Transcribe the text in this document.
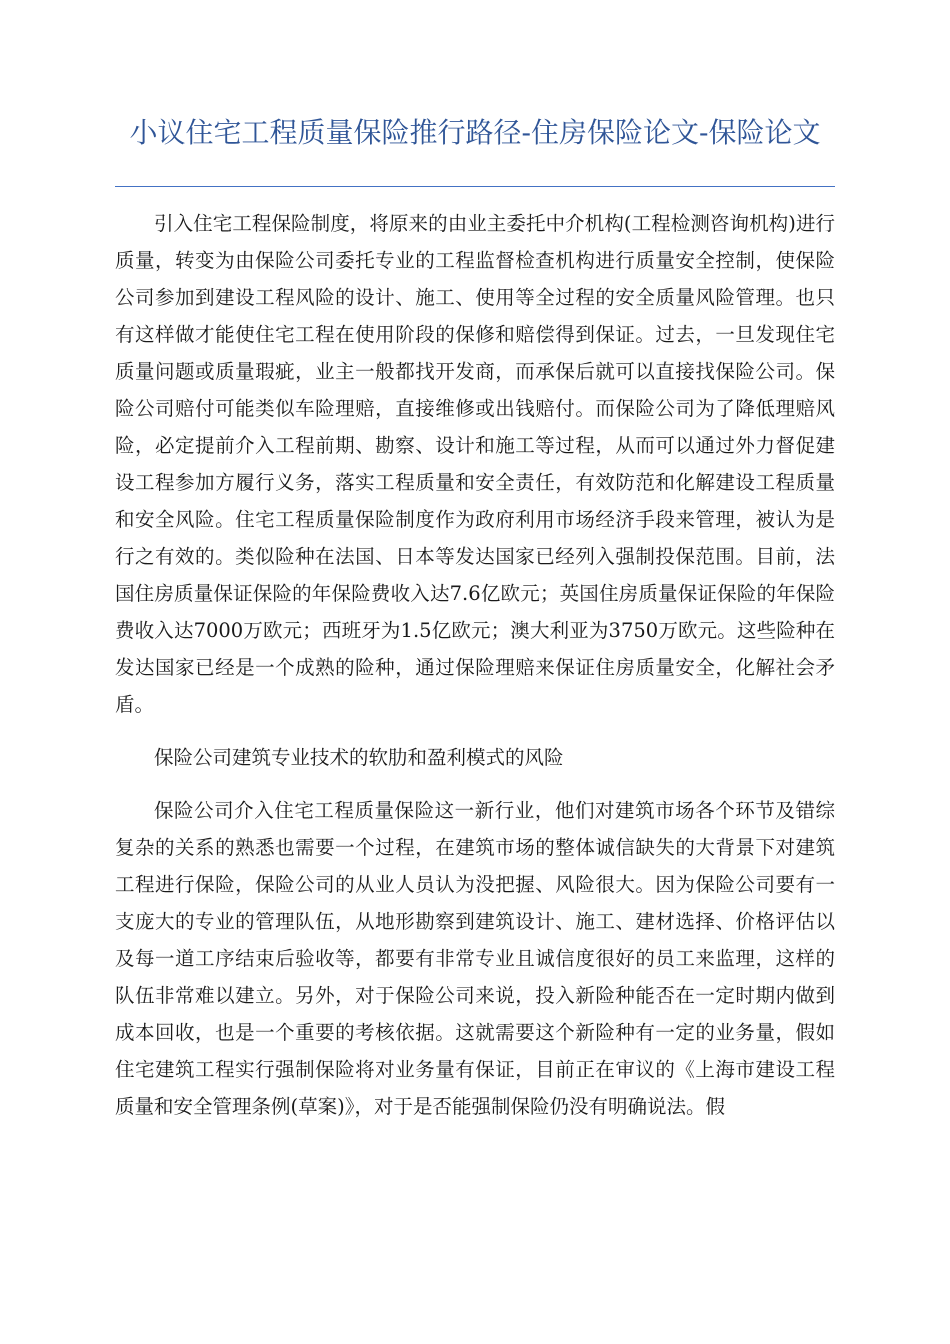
小议住宅工程质量保险推行路径-住房保险论文-保险论文

引入住宅工程保险制度，将原来的由业主委托中介机构(工程检测咨询机构)进行质量，转变为由保险公司委托专业的工程监督检查机构进行质量安全控制，使保险公司参加到建设工程风险的设计、施工、使用等全过程的安全质量风险管理。也只有这样做才能使住宅工程在使用阶段的保修和赔偿得到保证。过去，一旦发现住宅质量问题或质量瑕疵，业主一般都找开发商，而承保后就可以直接找保险公司。保险公司赔付可能类似车险理赔，直接维修或出钱赔付。而保险公司为了降低理赔风险，必定提前介入工程前期、勘察、设计和施工等过程，从而可以通过外力督促建设工程参加方履行义务，落实工程质量和安全责任，有效防范和化解建设工程质量和安全风险。住宅工程质量保险制度作为政府利用市场经济手段来管理，被认为是行之有效的。类似险种在法国、日本等发达国家已经列入强制投保范围。目前，法国住房质量保证保险的年保险费收入达7.6亿欧元；英国住房质量保证保险的年保险费收入达7000万欧元；西班牙为1.5亿欧元；澳大利亚为3750万欧元。这些险种在发达国家已经是一个成熟的险种，通过保险理赔来保证住房质量安全，化解社会矛盾。

保险公司建筑专业技术的软肋和盈利模式的风险

保险公司介入住宅工程质量保险这一新行业，他们对建筑市场各个环节及错综复杂的关系的熟悉也需要一个过程，在建筑市场的整体诚信缺失的大背景下对建筑工程进行保险，保险公司的从业人员认为没把握、风险很大。因为保险公司要有一支庞大的专业的管理队伍，从地形勘察到建筑设计、施工、建材选择、价格评估以及每一道工序结束后验收等，都要有非常专业且诚信度很好的员工来监理，这样的队伍非常难以建立。另外，对于保险公司来说，投入新险种能否在一定时期内做到成本回收，也是一个重要的考核依据。这就需要这个新险种有一定的业务量，假如住宅建筑工程实行强制保险将对业务量有保证，目前正在审议的《上海市建设工程质量和安全管理条例(草案)》，对于是否能强制保险仍没有明确说法。假
